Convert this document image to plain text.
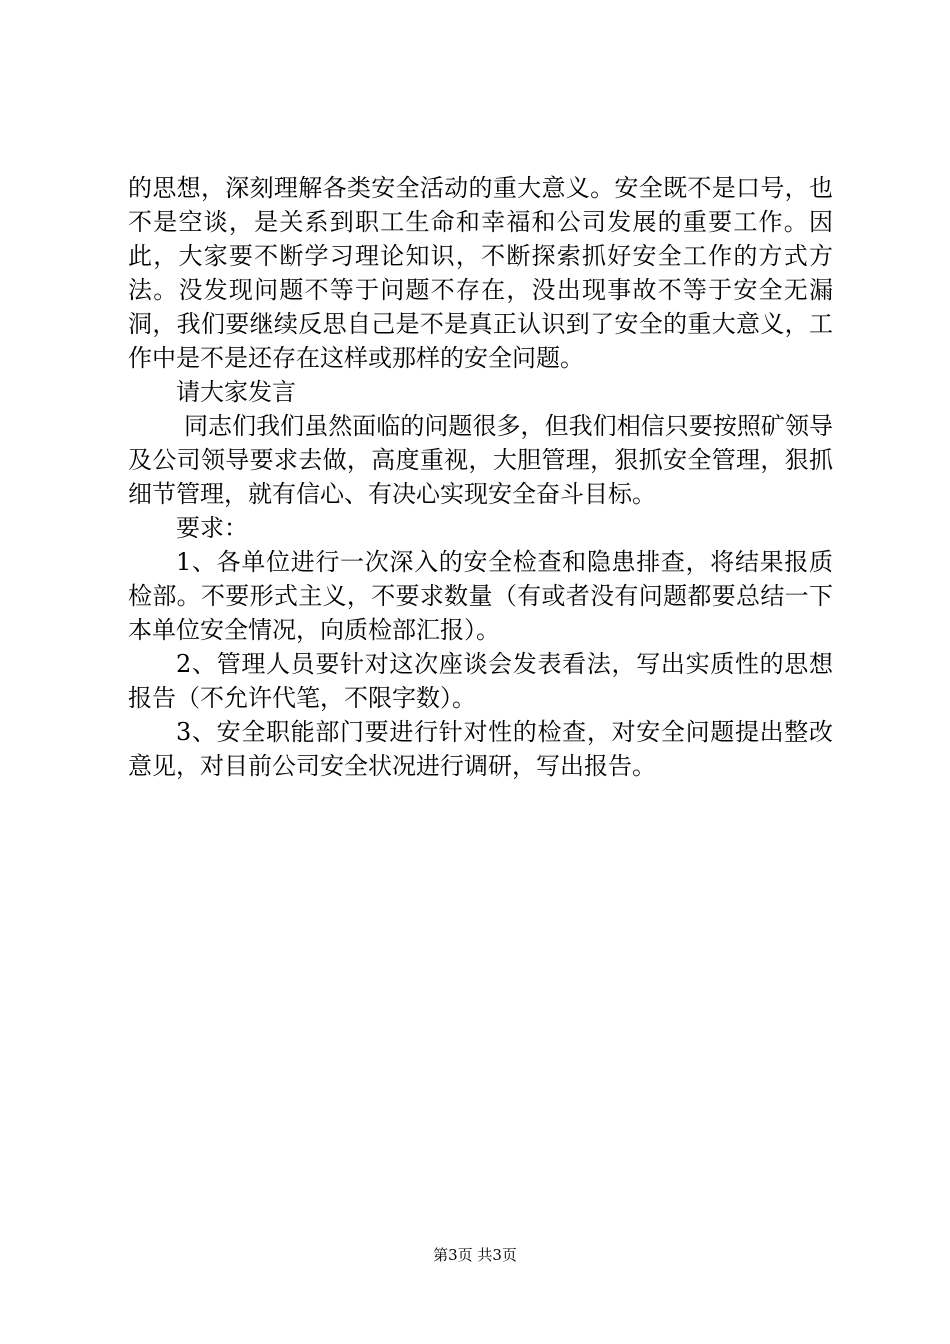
的思想，深刻理解各类安全活动的重大意义。安全既不是口号，也不是空谈，是关系到职工生命和幸福和公司发展的重要工作。因此，大家要不断学习理论知识，不断探索抓好安全工作的方式方法。没发现问题不等于问题不存在，没出现事故不等于安全无漏洞，我们要继续反思自己是不是真正认识到了安全的重大意义，工作中是不是还存在这样或那样的安全问题。

请大家发言

同志们我们虽然面临的问题很多，但我们相信只要按照矿领导及公司领导要求去做，高度重视，大胆管理，狠抓安全管理，狠抓细节管理，就有信心、有决心实现安全奋斗目标。

要求：

1、各单位进行一次深入的安全检查和隐患排查，将结果报质检部。不要形式主义，不要求数量（有或者没有问题都要总结一下本单位安全情况，向质检部汇报）。

2、管理人员要针对这次座谈会发表看法，写出实质性的思想报告（不允许代笔，不限字数）。

3、安全职能部门要进行针对性的检查，对安全问题提出整改意见，对目前公司安全状况进行调研，写出报告。

第3页 共3页
